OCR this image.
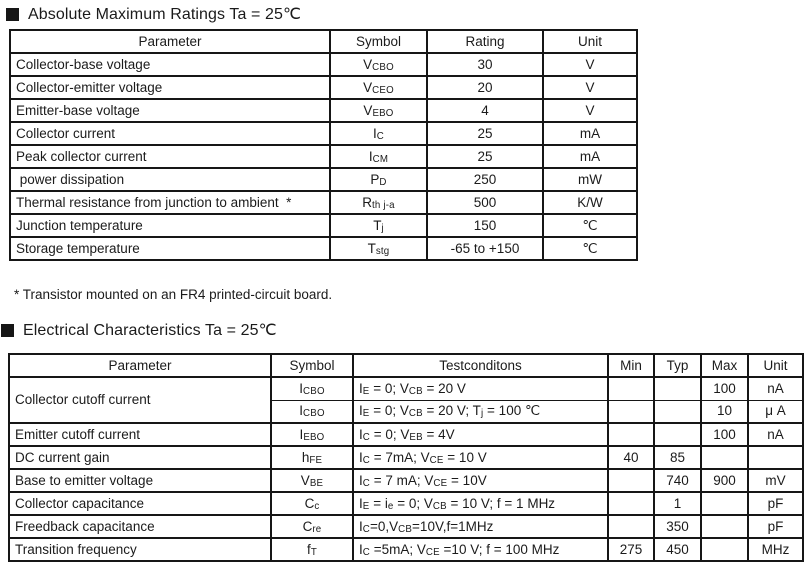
Absolute Maximum Ratings Ta = 25℃
Parameter	Symbol	Rating	Unit
Collector-base voltage	$V_{CBO}$	30	V
Collector-emitter voltage	$V_{CEO}$	20	V
Emitter-base voltage	$V_{EBO}$	4	V
Collector current	$I_C$	25	mA
Peak collector current	$I_{CM}$	25	mA
power dissipation	$P_D$	250	mW
Thermal resistance from junction to ambient  *	$R_{th j-a}$	500	K/W
Junction temperature	$T_j$	150	℃
Storage temperature	$T_{stg}$	-65 to +150	℃
* Transistor mounted on an FR4 printed-circuit board.
Electrical Characteristics Ta = 25℃
Parameter	Symbol	Testconditons	Min	Typ	Max	Unit
Collector cutoff current	$I_{CBO}$	$I_E = 0$; $V_{CB} = 20$ V			100	nA
	$I_{CBO}$	$I_E = 0$; $V_{CB} = 20$ V; $T_j = 100$ ℃			10	μ A
Emitter cutoff current	$I_{EBO}$	$I_C = 0$; $V_{EB} = 4V$			100	nA
DC current gain	$h_{FE}$	$I_C = 7mA$; $V_{CE} = 10$ V	40	85		
Base to emitter voltage	$V_{BE}$	$I_C = 7$ mA; $V_{CE} = 10V$		740	900	mV
Collector capacitance	$C_c$	$I_E = i_e = 0$; $V_{CB} = 10$ V; f = 1 MHz		1		pF
Freedback capacitance	$C_{re}$	$I_C=0,V_{CB}=10V,f=1MHz$		350		pF
Transition frequency	$f_T$	$I_C =5mA$; $V_{CE} =10$ V; f = 100 MHz	275	450		MHz
